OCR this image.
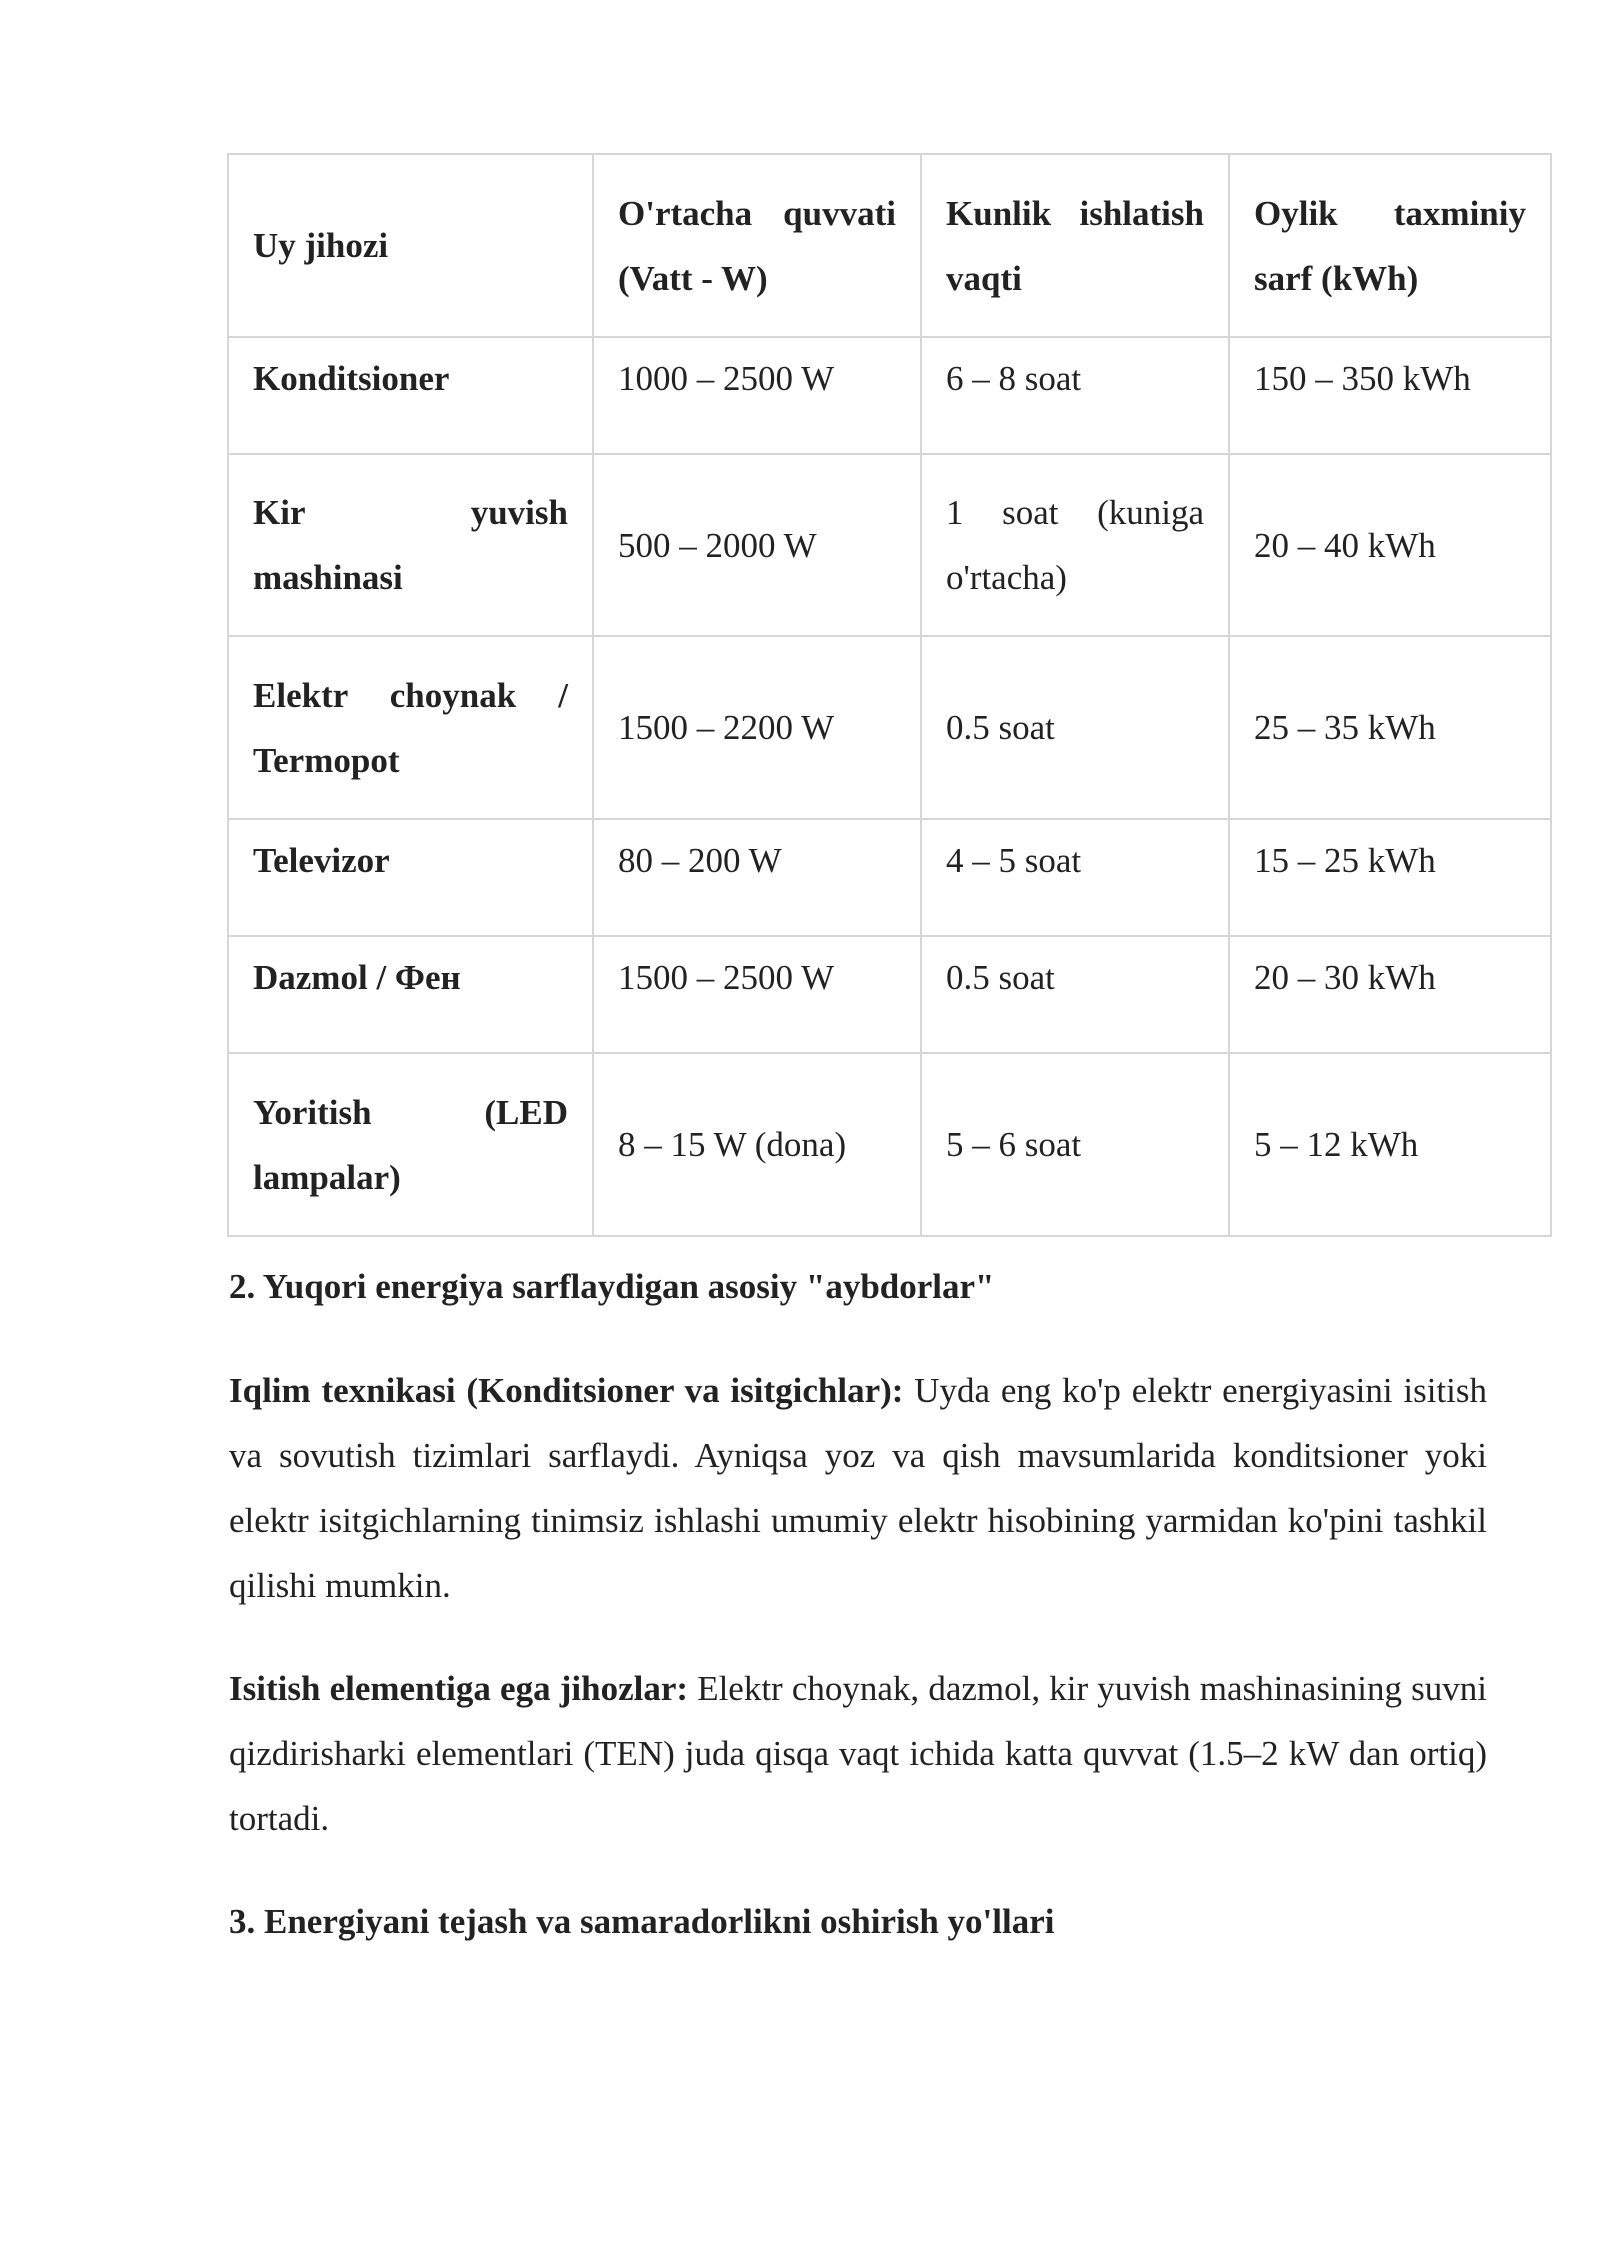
Uy jihozi	O'rtacha quvvati (Vatt - W)	Kunlik ishlatish vaqti	Oylik taxminiy sarf (kWh)
Konditsioner	1000 – 2500 W	6 – 8 soat	150 – 350 kWh
Kir yuvish mashinasi	500 – 2000 W	1 soat (kuniga o'rtacha)	20 – 40 kWh
Elektr choynak / Termopot	1500 – 2200 W	0.5 soat	25 – 35 kWh
Televizor	80 – 200 W	4 – 5 soat	15 – 25 kWh
Dazmol / Фен	1500 – 2500 W	0.5 soat	20 – 30 kWh
Yoritish (LED lampalar)	8 – 15 W (dona)	5 – 6 soat	5 – 12 kWh
2. Yuqori energiya sarflaydigan asosiy "aybdorlar"

Iqlim texnikasi (Konditsioner va isitgichlar): Uyda eng ko'p elektr energiyasini isitish va sovutish tizimlari sarflaydi. Ayniqsa yoz va qish mavsumlarida konditsioner yoki elektr isitgichlarning tinimsiz ishlashi umumiy elektr hisobining yarmidan ko'pini tashkil qilishi mumkin.

Isitish elementiga ega jihozlar: Elektr choynak, dazmol, kir yuvish mashinasining suvni qizdirisharki elementlari (TEN) juda qisqa vaqt ichida katta quvvat (1.5–2 kW dan ortiq) tortadi.

3. Energiyani tejash va samaradorlikni oshirish yo'llari
